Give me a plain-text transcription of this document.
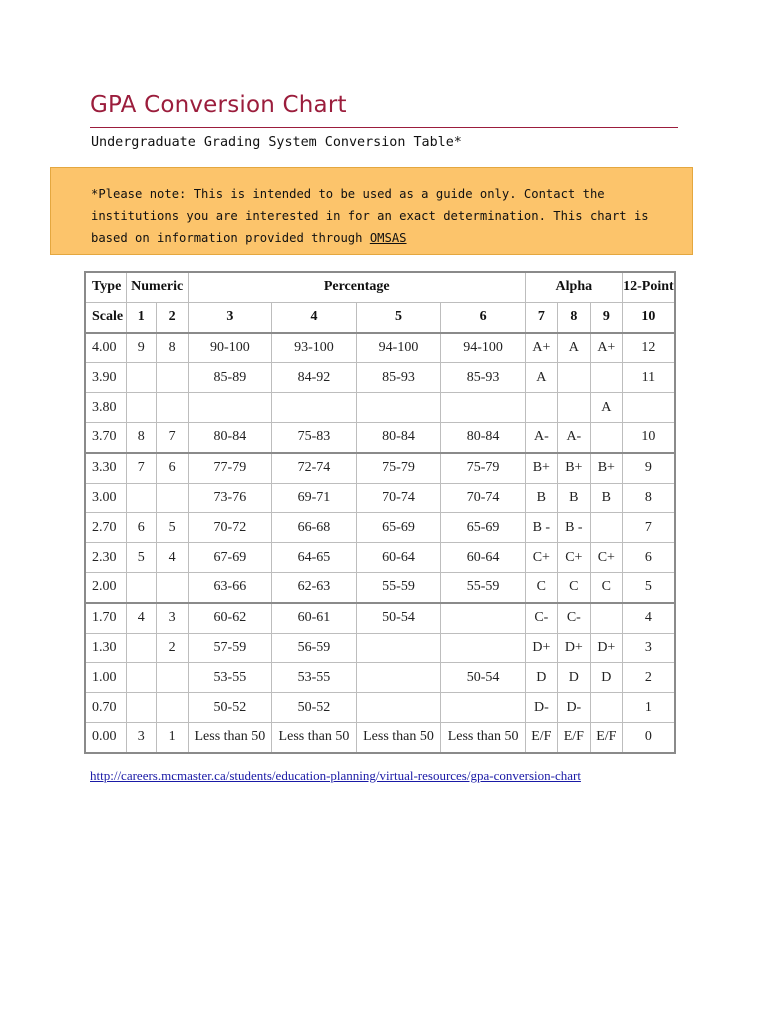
GPA Conversion Chart
Undergraduate Grading System Conversion Table*
*Please note: This is intended to be used as a guide only. Contact the institutions you are interested in for an exact determination. This chart is based on information provided through OMSAS
Type	Numeric		Percentage				Alpha			12-Point
Scale	1	2	3	4	5	6	7	8	9	10
4.00	9	8	90-100	93-100	94-100	94-100	A+	A	A+	12
3.90			85-89	84-92	85-93	85-93	A			11
3.80									A	
3.70	8	7	80-84	75-83	80-84	80-84	A-	A-		10
3.30	7	6	77-79	72-74	75-79	75-79	B+	B+	B+	9
3.00			73-76	69-71	70-74	70-74	B	B	B	8
2.70	6	5	70-72	66-68	65-69	65-69	B -	B -		7
2.30	5	4	67-69	64-65	60-64	60-64	C+	C+	C+	6
2.00			63-66	62-63	55-59	55-59	C	C	C	5
1.70	4	3	60-62	60-61	50-54		C-	C-		4
1.30		2	57-59	56-59			D+	D+	D+	3
1.00			53-55	53-55		50-54	D	D	D	2
0.70			50-52	50-52			D-	D-		1
0.00	3	1	Less than 50	Less than 50	Less than 50	Less than 50	E/F	E/F	E/F	0
http://careers.mcmaster.ca/students/education-planning/virtual-resources/gpa-conversion-chart
